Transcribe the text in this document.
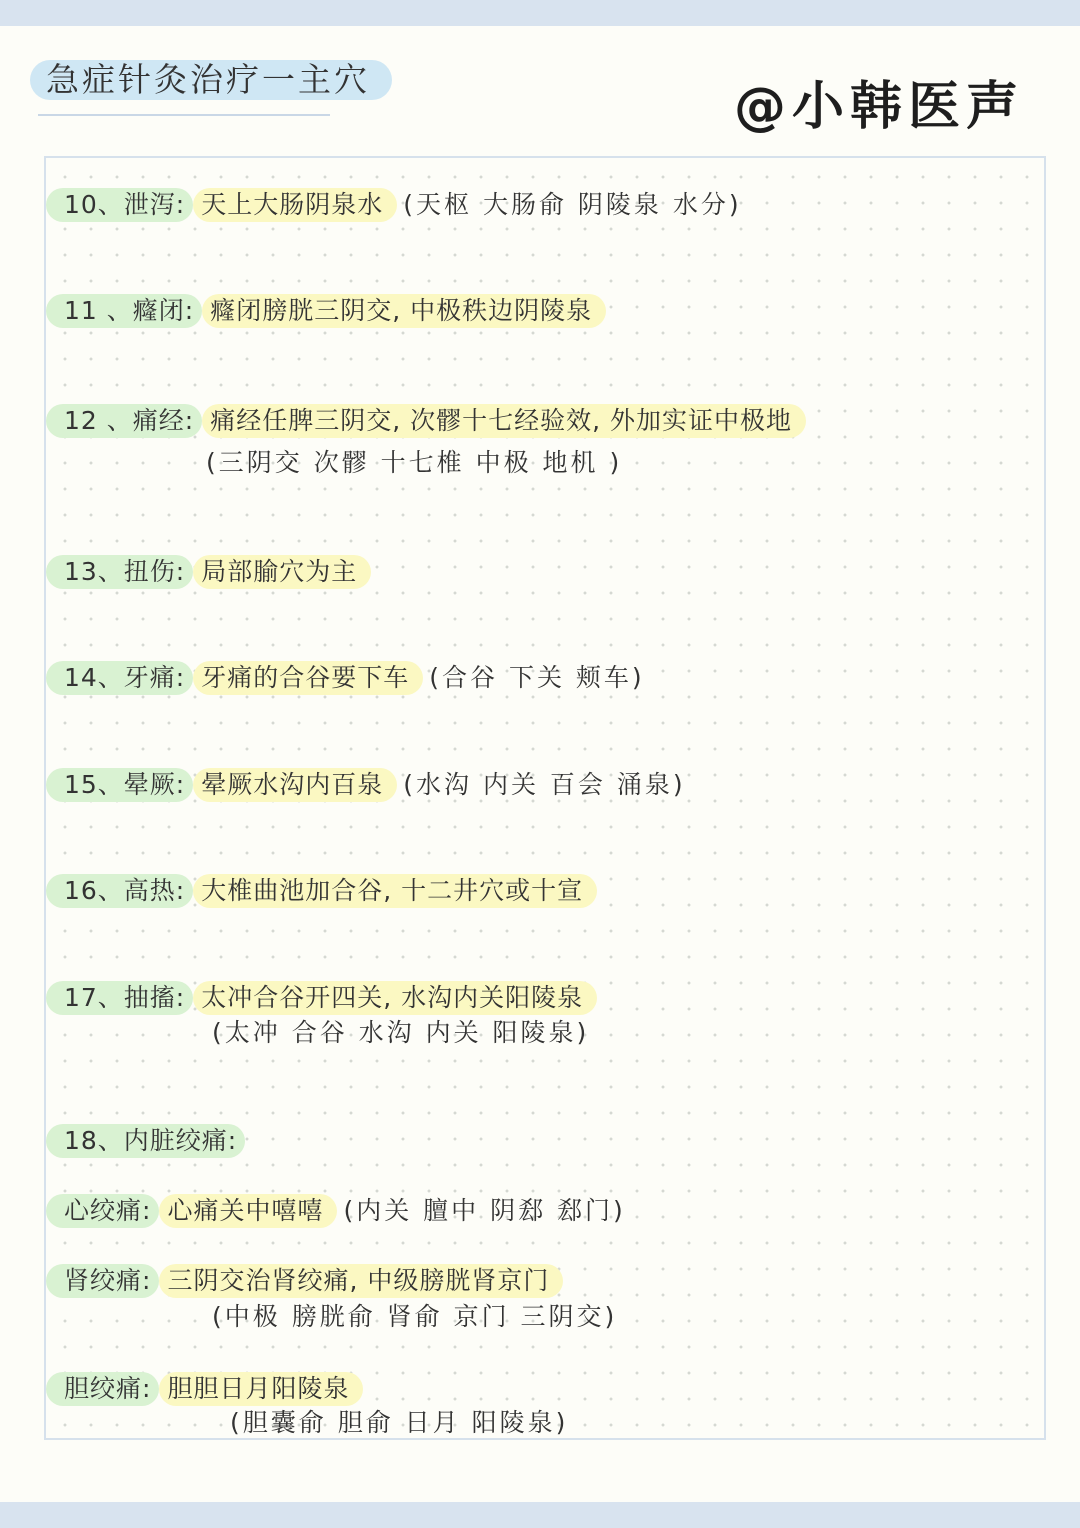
急症针灸治疗一主穴	@小韩医声
10、泄泻: 天上大肠阴泉水 (天枢 大肠俞 阴陵泉 水分)
11 、癃闭: 癃闭膀胱三阴交, 中极秩边阴陵泉
12 、痛经: 痛经任脾三阴交, 次髎十七经验效, 外加实证中极地
(三阴交 次髎 十七椎 中极 地机 )
13、扭伤: 局部腧穴为主
14、牙痛: 牙痛的合谷要下车 (合谷 下关 颊车)
15、晕厥: 晕厥水沟内百泉 (水沟 内关 百会 涌泉)
16、高热: 大椎曲池加合谷, 十二井穴或十宣
17、抽搐: 太冲合谷开四关, 水沟内关阳陵泉
(太冲 合谷 水沟 内关 阳陵泉)
18、内脏绞痛:
心绞痛: 心痛关中嘻嘻 (内关 膻中 阴郄 郄门)
肾绞痛: 三阴交治肾绞痛, 中级膀胱肾京门
(中极 膀胱俞 肾俞 京门 三阴交)
胆绞痛: 胆胆日月阳陵泉
(胆囊俞 胆俞 日月 阳陵泉)
